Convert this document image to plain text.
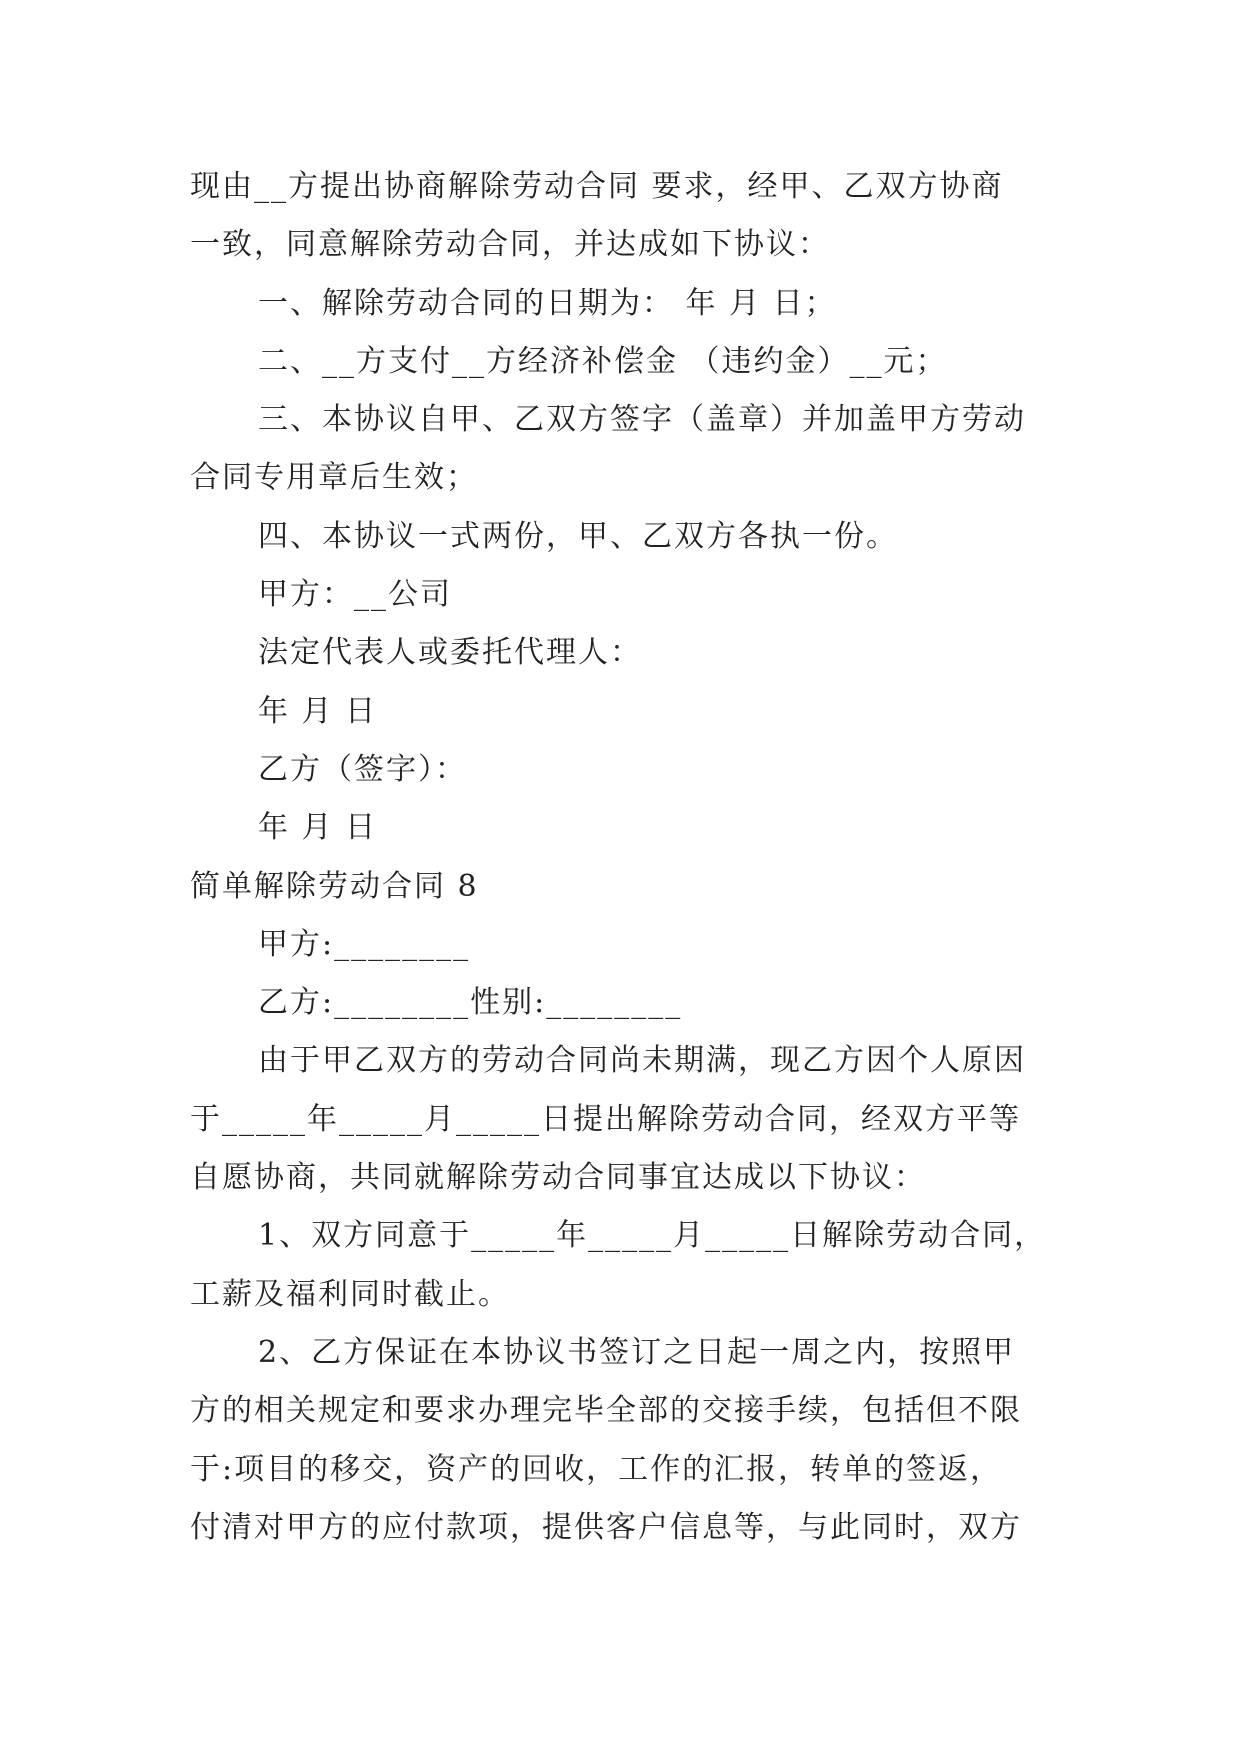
现由__方提出协商解除劳动合同 要求，经甲、乙双方协商
一致，同意解除劳动合同，并达成如下协议：
一、解除劳动合同的日期为： 年 月 日；
二、__方支付__方经济补偿金 （违约金）__元；
三、本协议自甲、乙双方签字（盖章）并加盖甲方劳动
合同专用章后生效；
四、本协议一式两份，甲、乙双方各执一份。
甲方：__公司
法定代表人或委托代理人：
年 月 日
乙方（签字）：
年 月 日
简单解除劳动合同 8
甲方:________
乙方:________性别:________
由于甲乙双方的劳动合同尚未期满，现乙方因个人原因
于_____年_____月_____日提出解除劳动合同，经双方平等
自愿协商，共同就解除劳动合同事宜达成以下协议：
1、双方同意于_____年_____月_____日解除劳动合同，
工薪及福利同时截止。
2、乙方保证在本协议书签订之日起一周之内，按照甲
方的相关规定和要求办理完毕全部的交接手续，包括但不限
于:项目的移交，资产的回收，工作的汇报，转单的签返，
付清对甲方的应付款项，提供客户信息等，与此同时，双方
